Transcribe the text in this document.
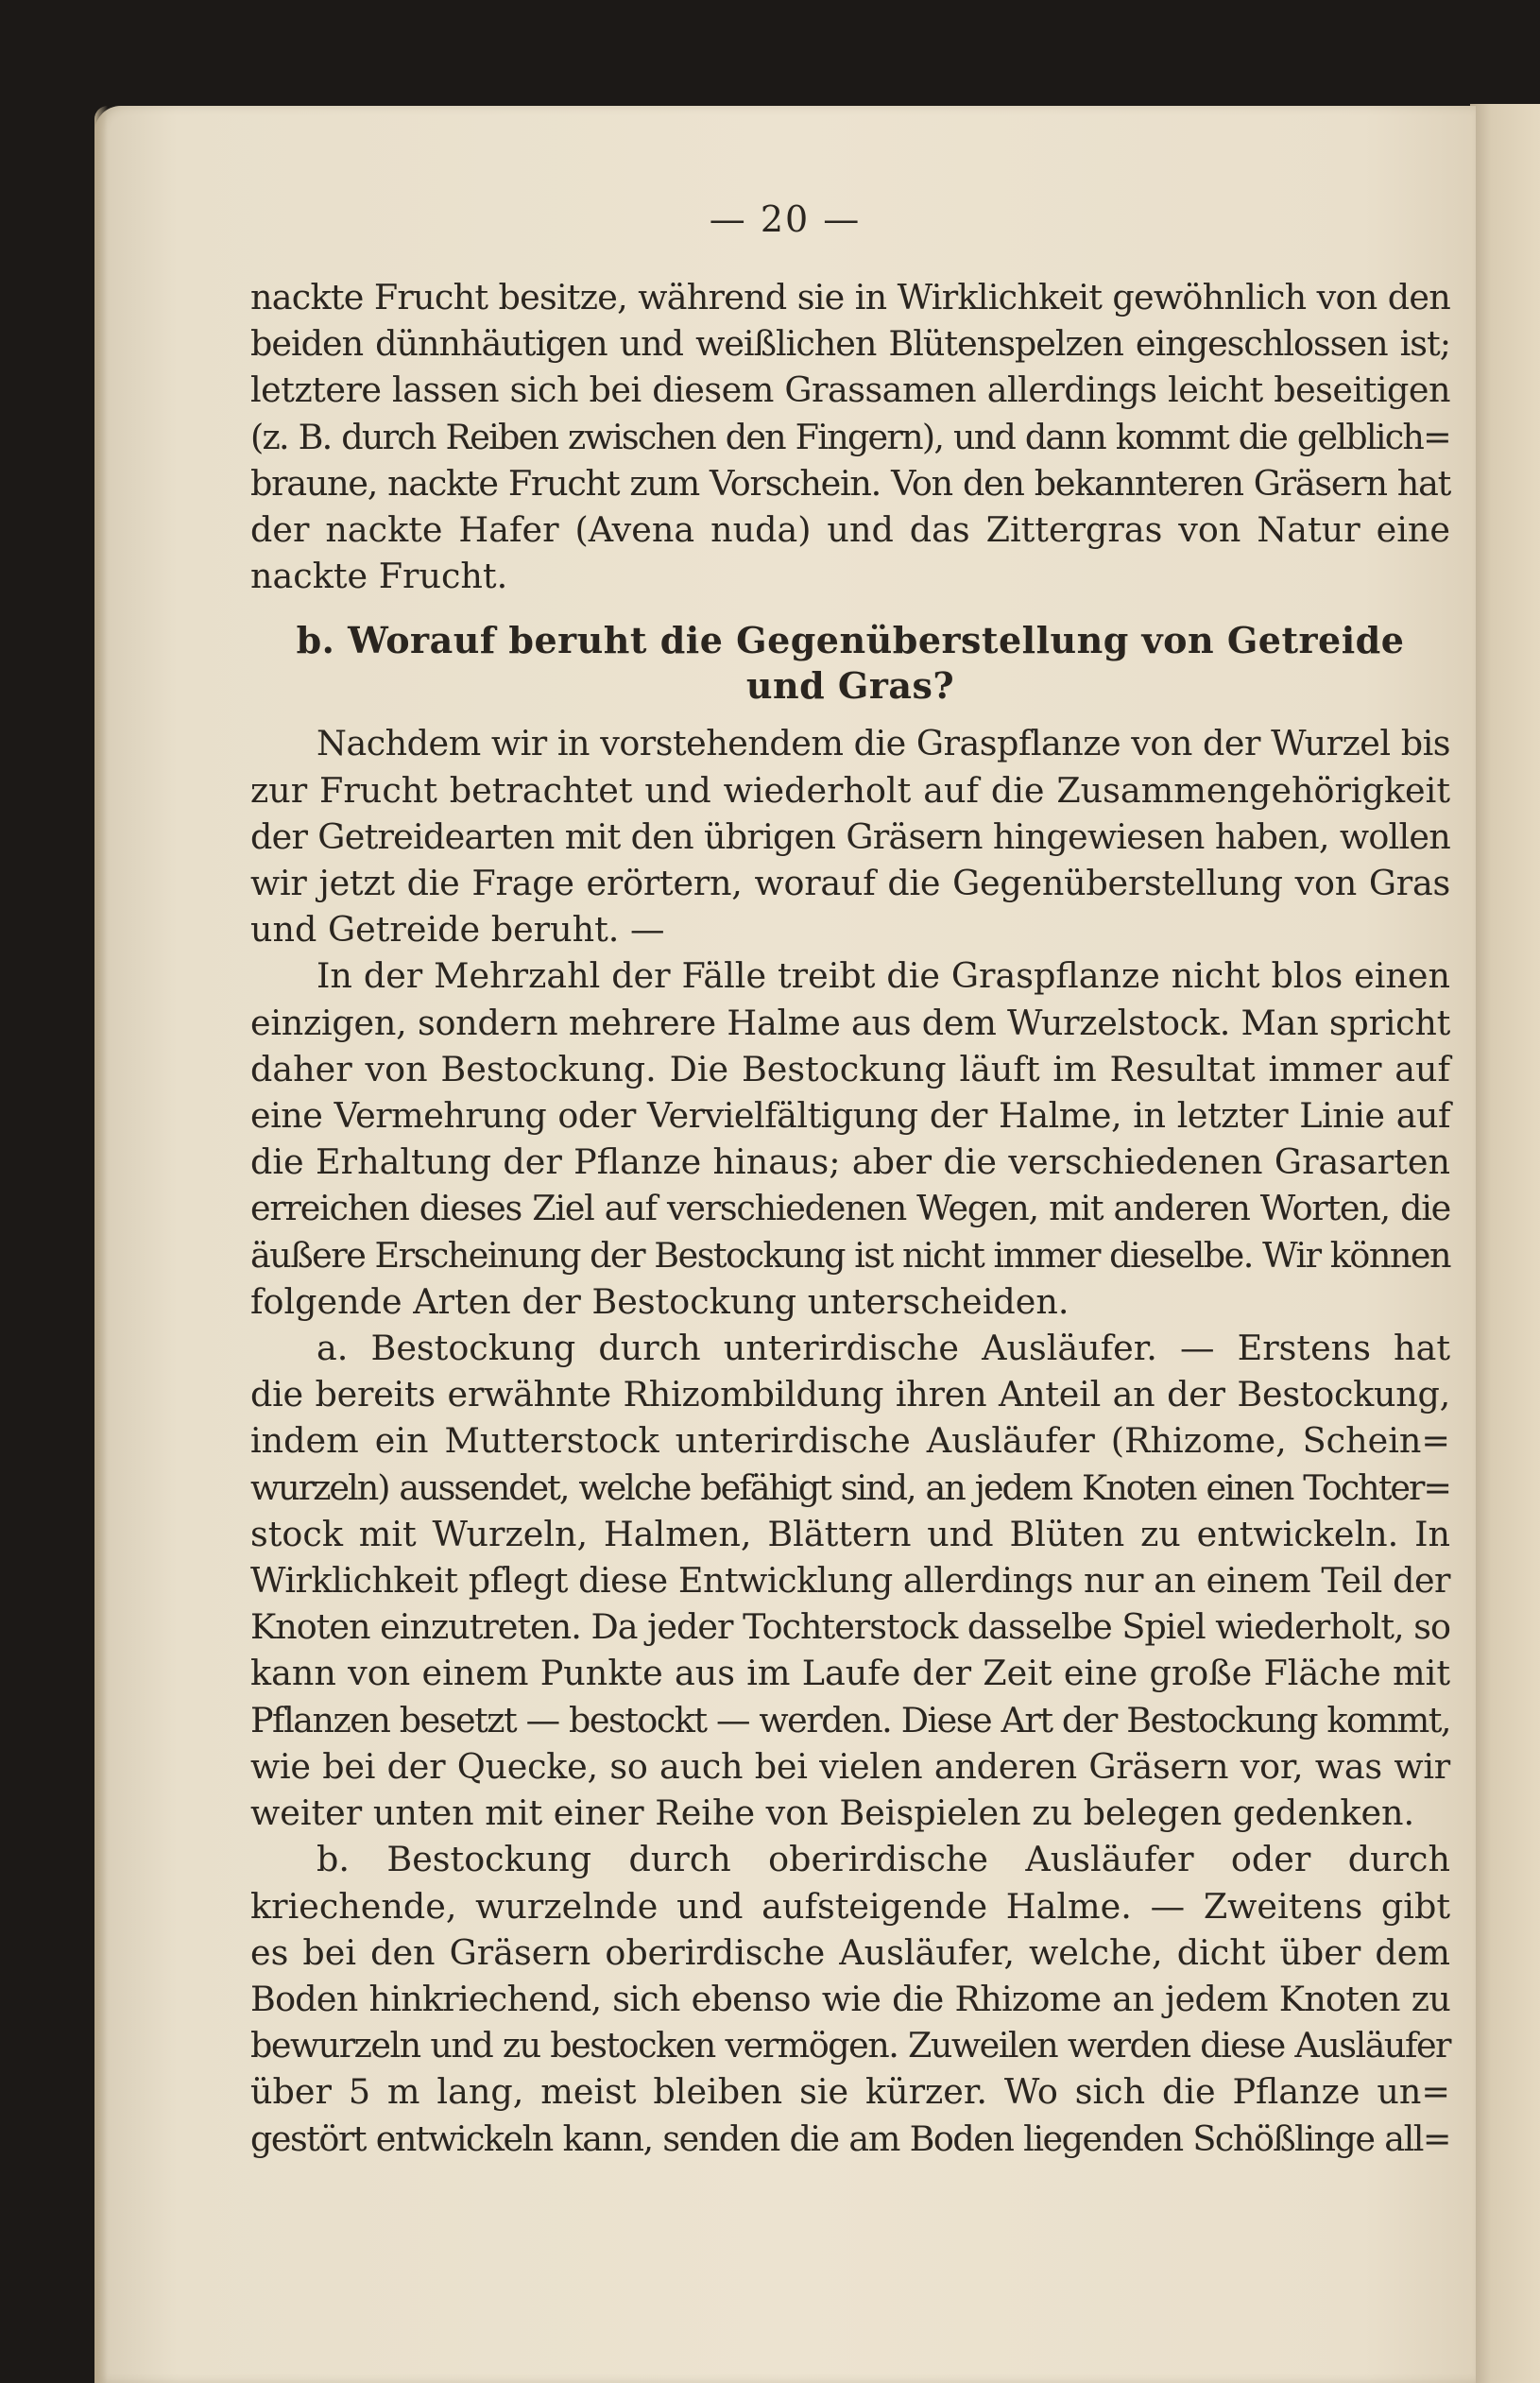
— 20 —
nackte Frucht besitze, während sie in Wirklichkeit gewöhnlich von den
beiden dünnhäutigen und weißlichen Blütenspelzen eingeschlossen ist;
letztere lassen sich bei diesem Grassamen allerdings leicht beseitigen
(z. B. durch Reiben zwischen den Fingern), und dann kommt die gelblich=
braune, nackte Frucht zum Vorschein. Von den bekannteren Gräsern hat
der nackte Hafer (Avena nuda) und das Zittergras von Natur eine
nackte Frucht.
b. Worauf beruht die Gegenüberstellung von Getreide
und Gras?
Nachdem wir in vorstehendem die Graspflanze von der Wurzel bis
zur Frucht betrachtet und wiederholt auf die Zusammengehörigkeit
der Getreidearten mit den übrigen Gräsern hingewiesen haben, wollen
wir jetzt die Frage erörtern, worauf die Gegenüberstellung von Gras
und Getreide beruht. —
In der Mehrzahl der Fälle treibt die Graspflanze nicht blos einen
einzigen, sondern mehrere Halme aus dem Wurzelstock. Man spricht
daher von Bestockung. Die Bestockung läuft im Resultat immer auf
eine Vermehrung oder Vervielfältigung der Halme, in letzter Linie auf
die Erhaltung der Pflanze hinaus; aber die verschiedenen Grasarten
erreichen dieses Ziel auf verschiedenen Wegen, mit anderen Worten, die
äußere Erscheinung der Bestockung ist nicht immer dieselbe. Wir können
folgende Arten der Bestockung unterscheiden.
a. Bestockung durch unterirdische Ausläufer. — Erstens hat
die bereits erwähnte Rhizombildung ihren Anteil an der Bestockung,
indem ein Mutterstock unterirdische Ausläufer (Rhizome, Schein=
wurzeln) aussendet, welche befähigt sind, an jedem Knoten einen Tochter=
stock mit Wurzeln, Halmen, Blättern und Blüten zu entwickeln. In
Wirklichkeit pflegt diese Entwicklung allerdings nur an einem Teil der
Knoten einzutreten. Da jeder Tochterstock dasselbe Spiel wiederholt, so
kann von einem Punkte aus im Laufe der Zeit eine große Fläche mit
Pflanzen besetzt — bestockt — werden. Diese Art der Bestockung kommt,
wie bei der Quecke, so auch bei vielen anderen Gräsern vor, was wir
weiter unten mit einer Reihe von Beispielen zu belegen gedenken.
b. Bestockung durch oberirdische Ausläufer oder durch
kriechende, wurzelnde und aufsteigende Halme. — Zweitens gibt
es bei den Gräsern oberirdische Ausläufer, welche, dicht über dem
Boden hinkriechend, sich ebenso wie die Rhizome an jedem Knoten zu
bewurzeln und zu bestocken vermögen. Zuweilen werden diese Ausläufer
über 5 m lang, meist bleiben sie kürzer. Wo sich die Pflanze un=
gestört entwickeln kann, senden die am Boden liegenden Schößlinge all=
